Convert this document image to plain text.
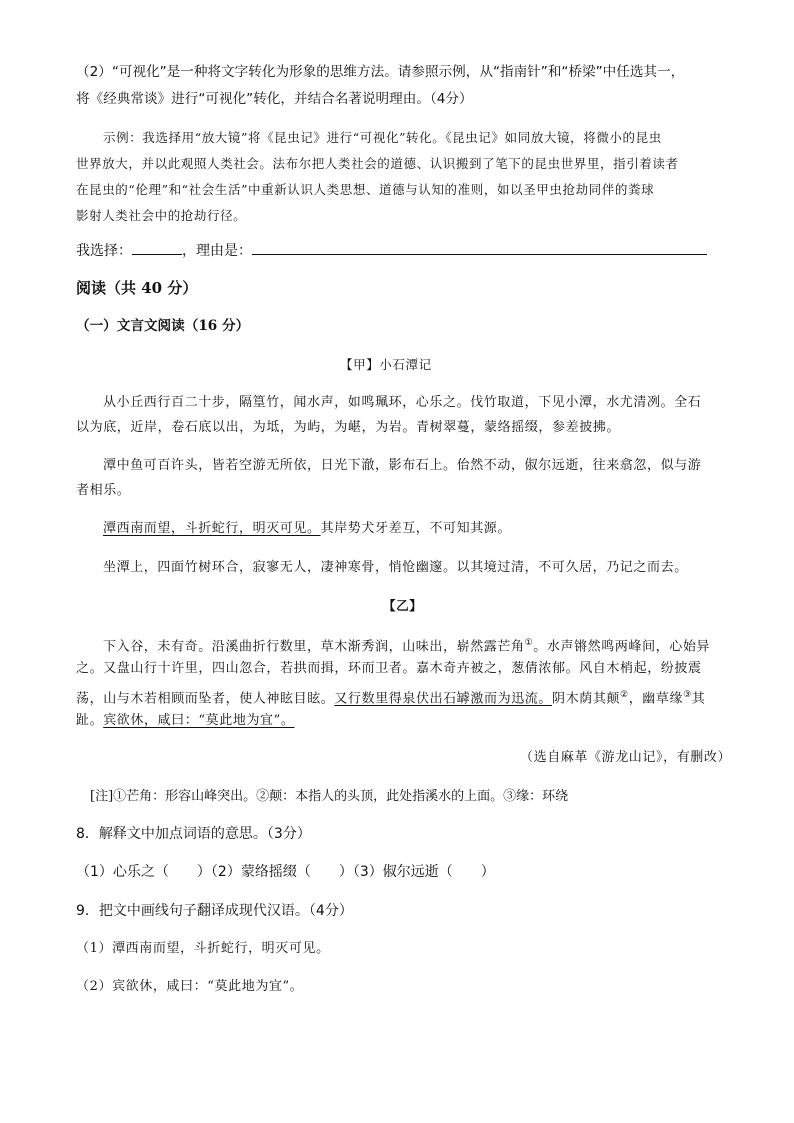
（2）“可视化”是一种将文字转化为形象的思维方法。请参照示例，从“指南针”和“桥梁”中任选其一，
将《经典常谈》进行“可视化”转化，并结合名著说明理由。（4分）
示例：我选择用“放大镜”将《昆虫记》进行“可视化”转化。《昆虫记》如同放大镜，将微小的昆虫
世界放大，并以此观照人类社会。法布尔把人类社会的道德、认识搬到了笔下的昆虫世界里，指引着读者
在昆虫的“伦理”和“社会生活”中重新认识人类思想、道德与认知的准则，如以圣甲虫抢劫同伴的粪球
影射人类社会中的抢劫行径。
我选择：	，理由是：
阅读（共 40 分）
（一）文言文阅读（16 分）
【甲】小石潭记
从小丘西行百二十步，隔篁竹，闻水声，如鸣珮环，心乐之。伐竹取道，下见小潭，水尤清冽。全石
以为底，近岸，卷石底以出，为坻，为屿，为嵁，为岩。青树翠蔓，蒙络摇缀，参差披拂。
潭中鱼可百许头，皆若空游无所依，日光下澈，影布石上。佁然不动，俶尔远逝，往来翕忽，似与游
者相乐。
潭西南而望，斗折蛇行，明灭可见。其岸势犬牙差互，不可知其源。
坐潭上，四面竹树环合，寂寥无人，凄神寒骨，悄怆幽邃。以其境过清，不可久居，乃记之而去。
【乙】
下入谷，未有奇。沿溪曲折行数里，草木渐秀润，山味出，崭然露芒角①。水声锵然鸣两峰间，心始异
之。又盘山行十许里，四山忽合，若拱而揖，环而卫者。嘉木奇卉被之，葱倩浓郁。风自木梢起，纷披震
荡，山与木若相顾而坠者，使人神眩目眩。又行数里得泉伏出石罅激而为迅流。阴木荫其颠②，幽草缘③其
趾。宾欲休，咸曰：“莫此地为宜”。
（选自麻革《游龙山记》，有删改）
[注]①芒角：形容山峰突出。②颠：本指人的头顶，此处指溪水的上面。③缘：环绕
8．解释文中加点词语的意思。（3分）
（1）心乐之（　　）（2）蒙络摇缀（　　）（3）俶尔远逝（　　）
9．把文中画线句子翻译成现代汉语。（4分）
（1）潭西南而望，斗折蛇行，明灭可见。
（2）宾欲休，咸曰：“莫此地为宜”。
